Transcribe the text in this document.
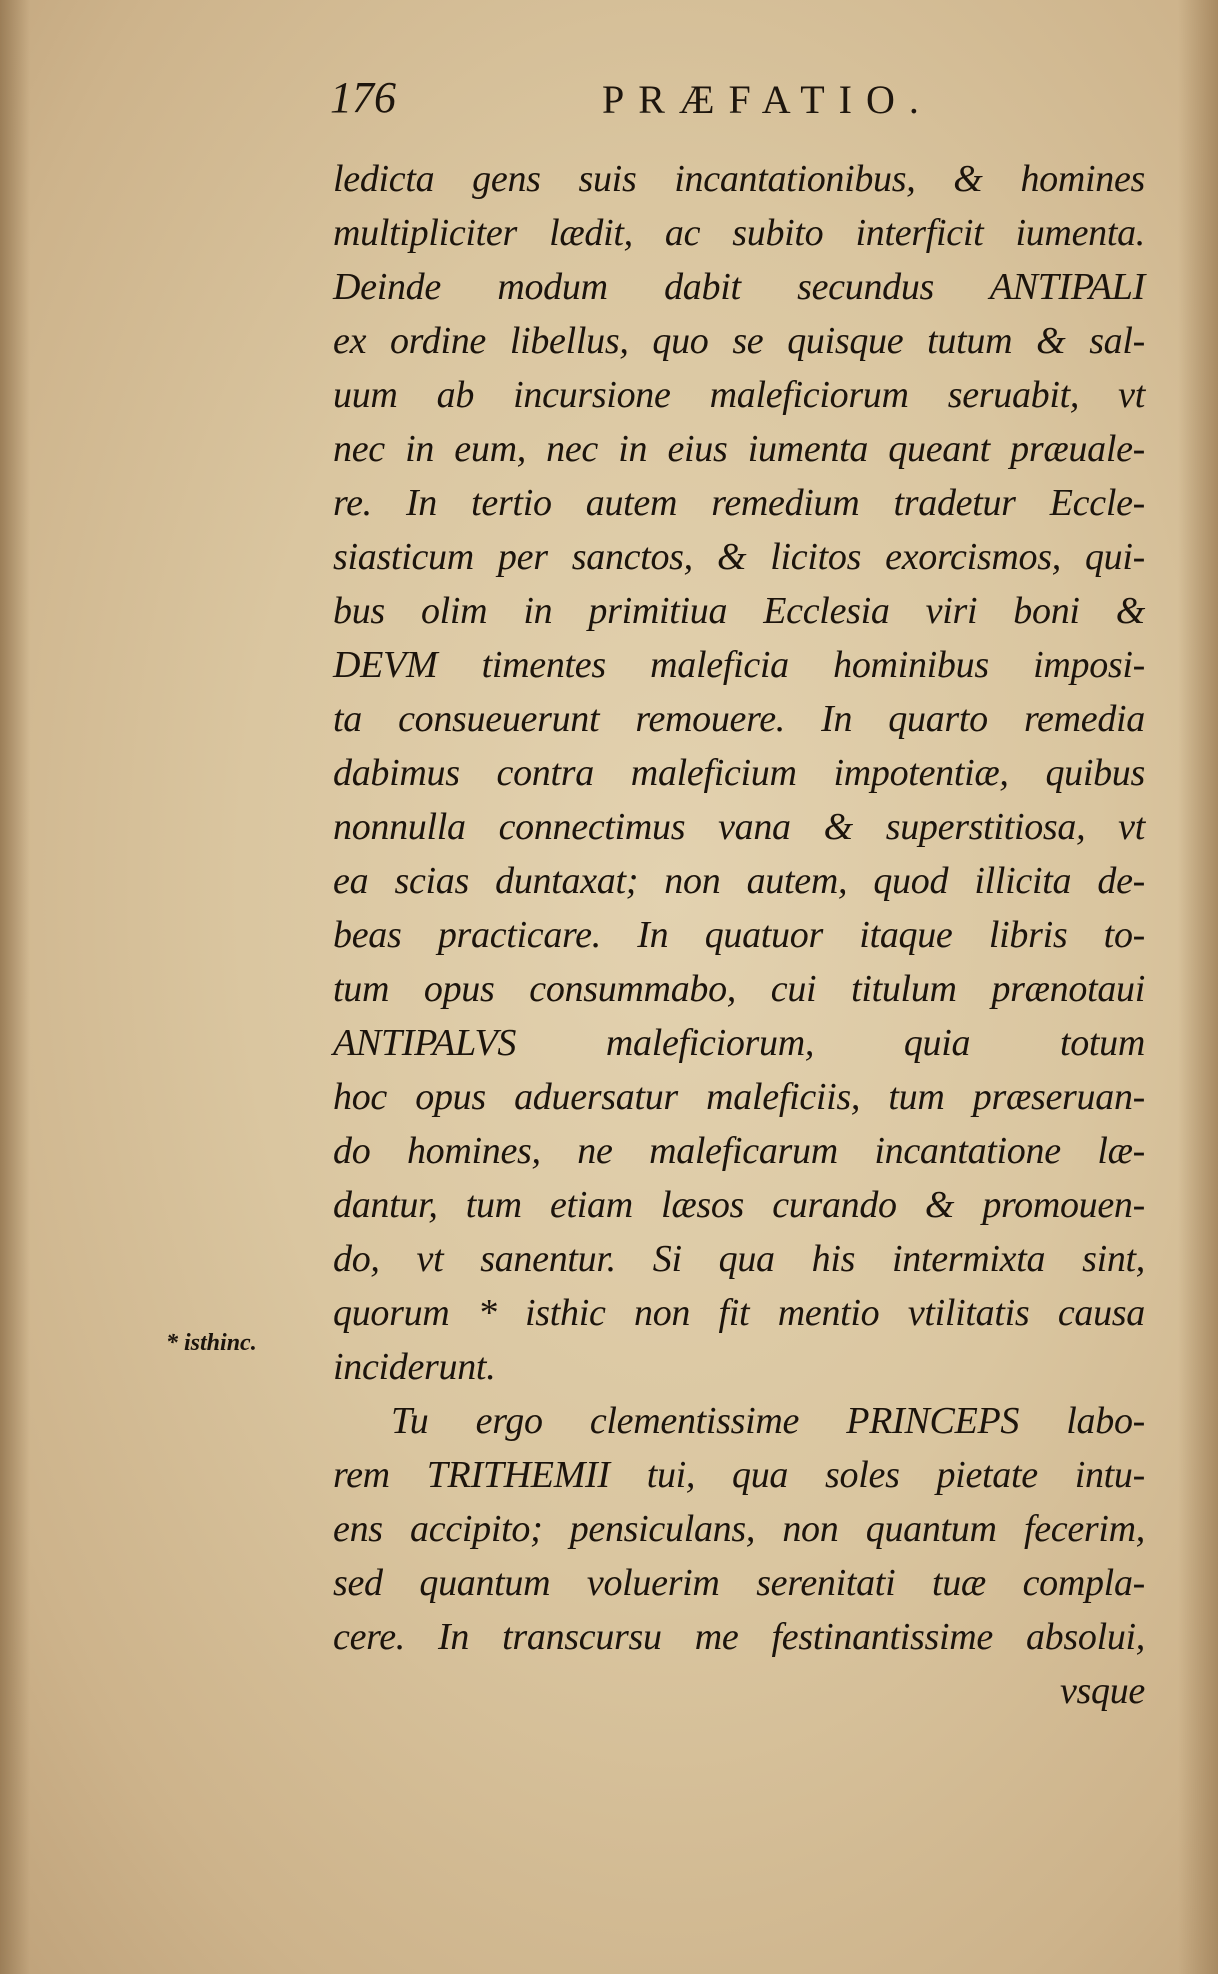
176	PRÆFATIO.
* isthinc.
ledicta gens suis incantationibus, & homines
multipliciter lædit, ac subito interficit iumenta.
Deinde modum dabit secundus ANTIPALI
ex ordine libellus, quo se quisque tutum & sal-
uum ab incursione maleficiorum seruabit, vt
nec in eum, nec in eius iumenta queant præuale-
re. In tertio autem remedium tradetur Eccle-
siasticum per sanctos, & licitos exorcismos, qui-
bus olim in primitiua Ecclesia viri boni &
DEVM timentes maleficia hominibus imposi-
ta consueuerunt remouere. In quarto remedia
dabimus contra maleficium impotentiæ, quibus
nonnulla connectimus vana & superstitiosa, vt
ea scias duntaxat; non autem, quod illicita de-
beas practicare. In quatuor itaque libris to-
tum opus consummabo, cui titulum prænotaui
ANTIPALVS maleficiorum, quia totum
hoc opus aduersatur maleficiis, tum præseruan-
do homines, ne maleficarum incantatione læ-
dantur, tum etiam læsos curando & promouen-
do, vt sanentur. Si qua his intermixta sint,
quorum * isthic non fit mentio vtilitatis causa
inciderunt.
Tu ergo clementissime PRINCEPS labo-
rem TRITHEMII tui, qua soles pietate intu-
ens accipito; pensiculans, non quantum fecerim,
sed quantum voluerim serenitati tuæ compla-
cere. In transcursu me festinantissime absolui,
vsque
